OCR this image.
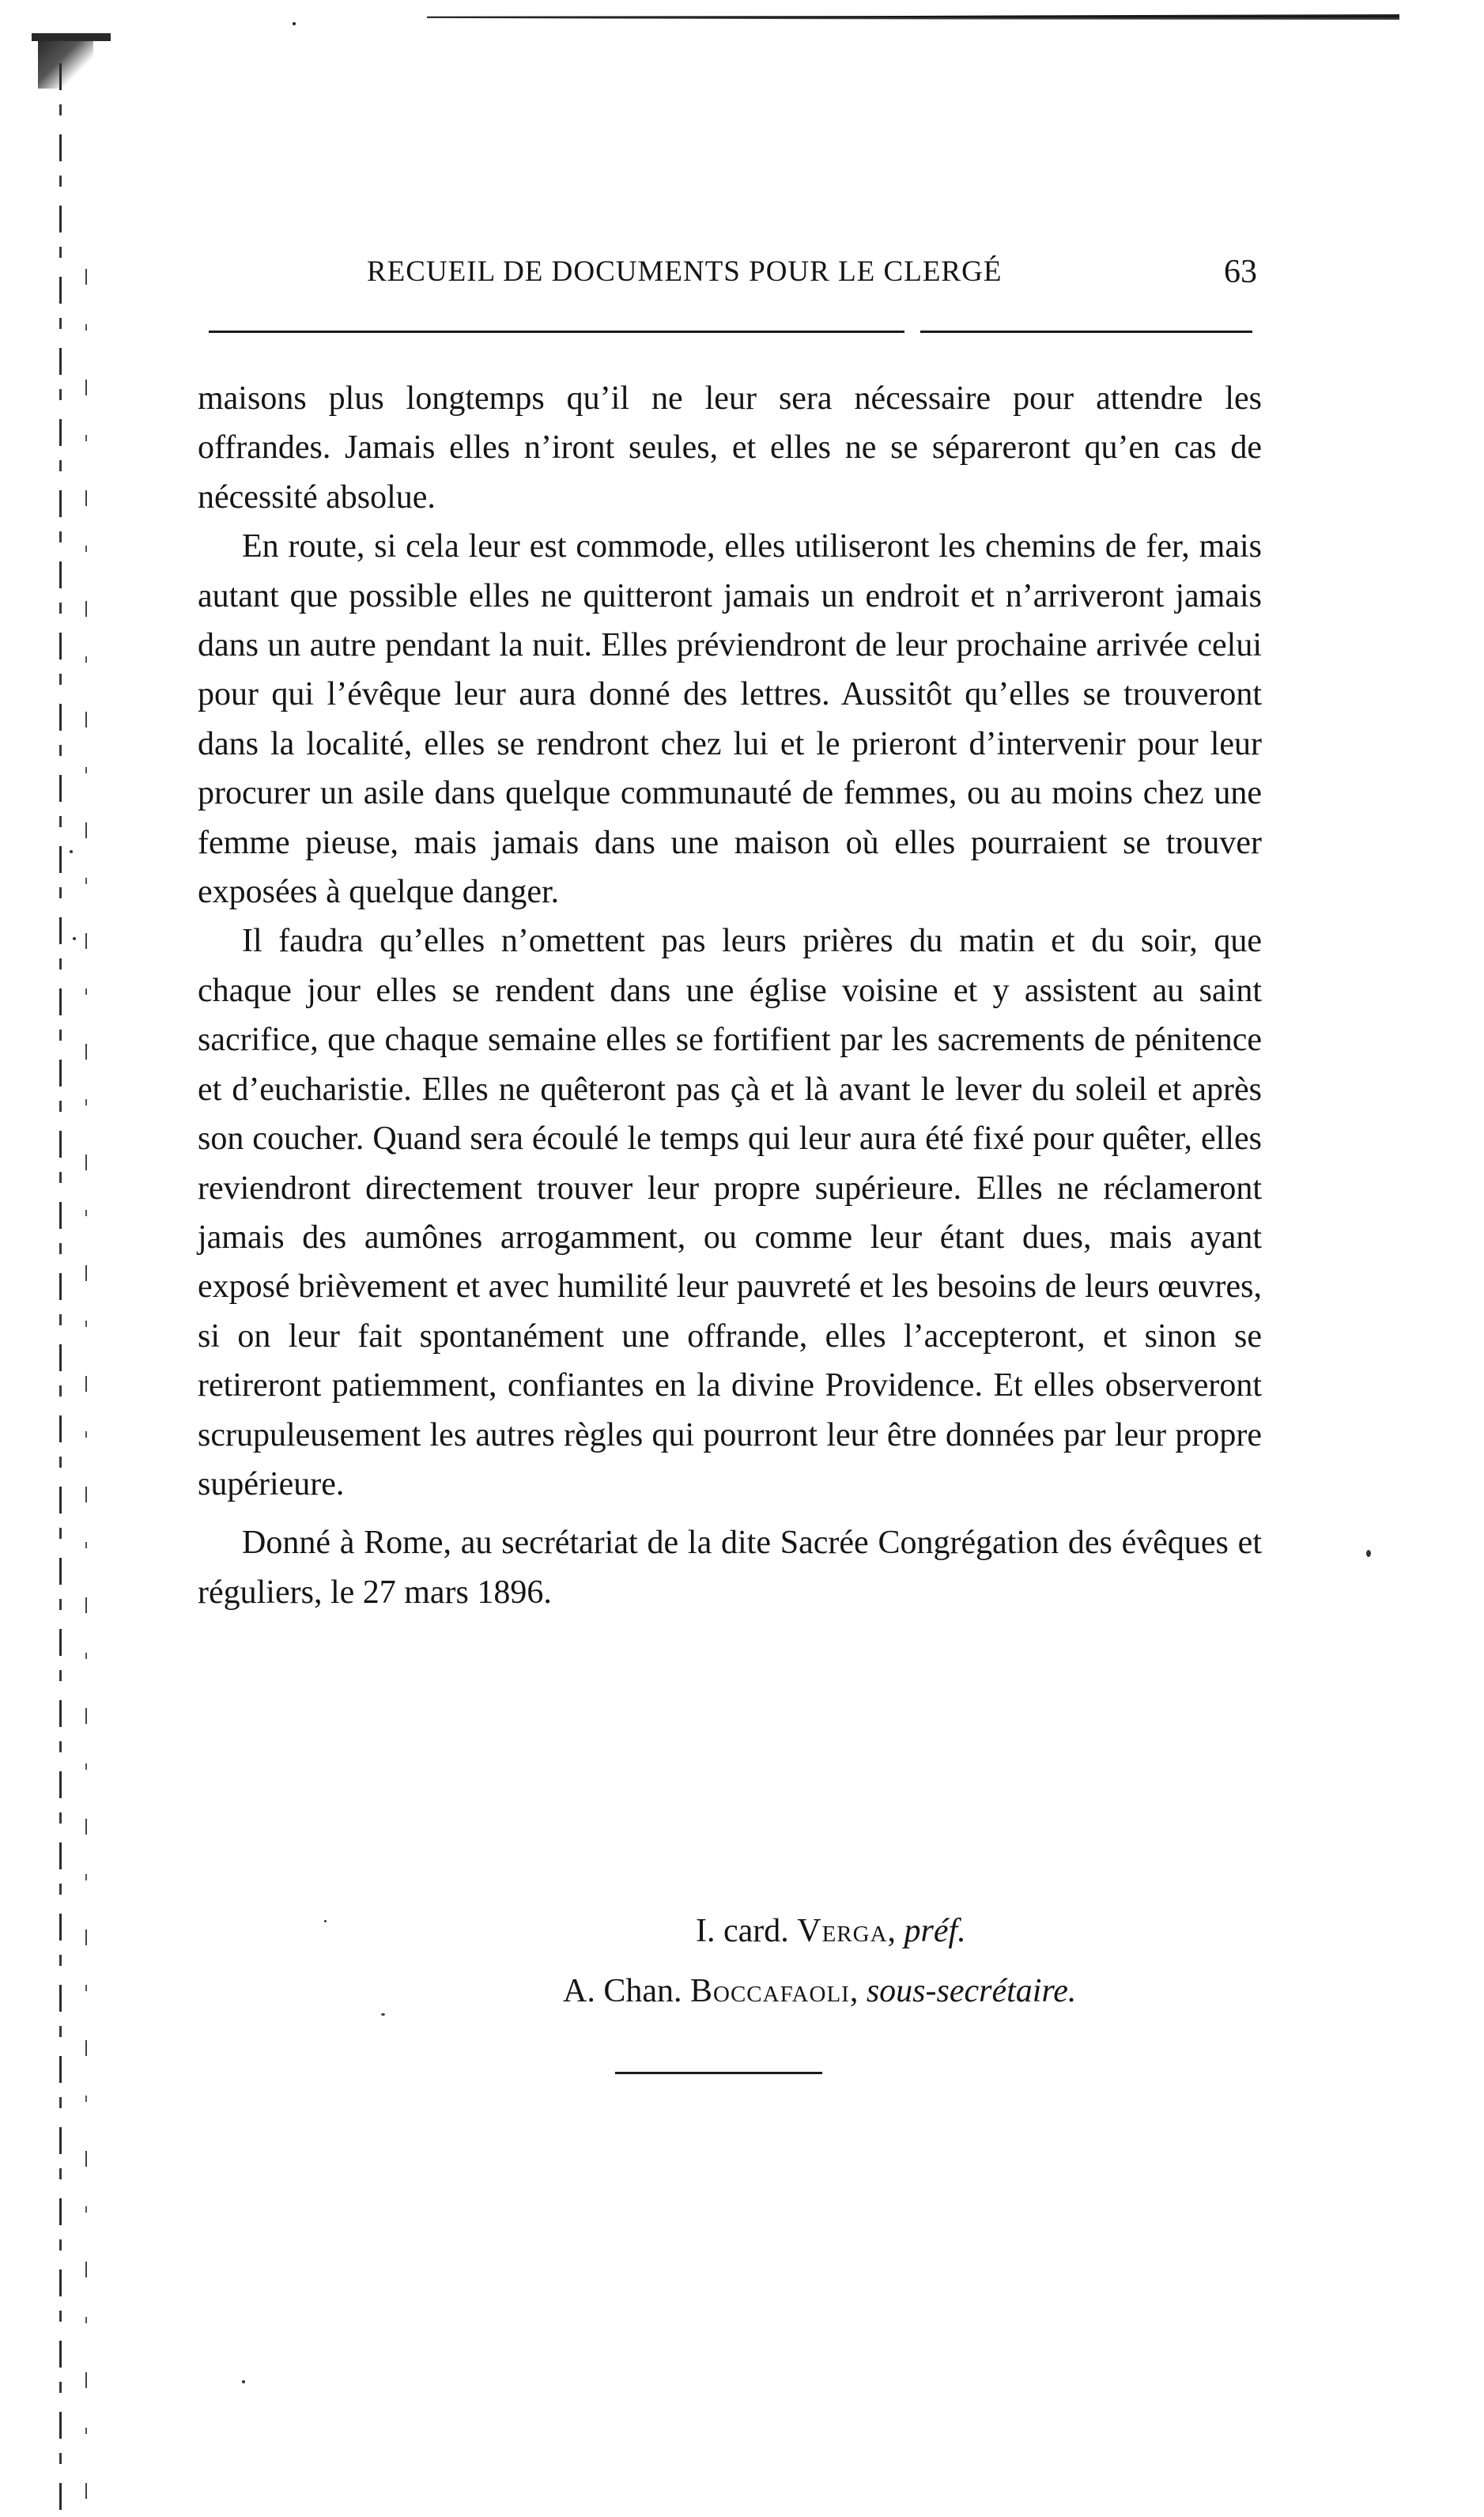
RECUEIL DE DOCUMENTS POUR LE CLERGÉ	63

maisons plus longtemps qu’il ne leur sera nécessaire pour attendre les offrandes. Jamais elles n’iront seules, et elles ne se sépareront qu’en cas de nécessité absolue.

En route, si cela leur est commode, elles utiliseront les chemins de fer, mais autant que possible elles ne quitteront jamais un endroit et n’arriveront jamais dans un autre pendant la nuit. Elles préviendront de leur prochaine arrivée celui pour qui l’évêque leur aura donné des lettres. Aussitôt qu’elles se trouveront dans la localité, elles se rendront chez lui et le prieront d’intervenir pour leur procurer un asile dans quelque communauté de femmes, ou au moins chez une femme pieuse, mais jamais dans une maison où elles pourraient se trouver exposées à quelque danger.

Il faudra qu’elles n’omettent pas leurs prières du matin et du soir, que chaque jour elles se rendent dans une église voisine et y assistent au saint sacrifice, que chaque semaine elles se fortifient par les sacrements de pénitence et d’eucharistie. Elles ne quêteront pas çà et là avant le lever du soleil et après son coucher. Quand sera écoulé le temps qui leur aura été fixé pour quêter, elles reviendront directement trouver leur propre supérieure. Elles ne réclameront jamais des aumônes arrogamment, ou comme leur étant dues, mais ayant exposé brièvement et avec humilité leur pauvreté et les besoins de leurs œuvres, si on leur fait spontanément une offrande, elles l’accepteront, et sinon se retireront patiemment, confiantes en la divine Providence. Et elles observeront scrupuleusement les autres règles qui pourront leur être données par leur propre supérieure.

Donné à Rome, au secrétariat de la dite Sacrée Congrégation des évêques et réguliers, le 27 mars 1896.

I. card. Verga, préf.
A. Chan. Boccafaoli, sous-secrétaire.
